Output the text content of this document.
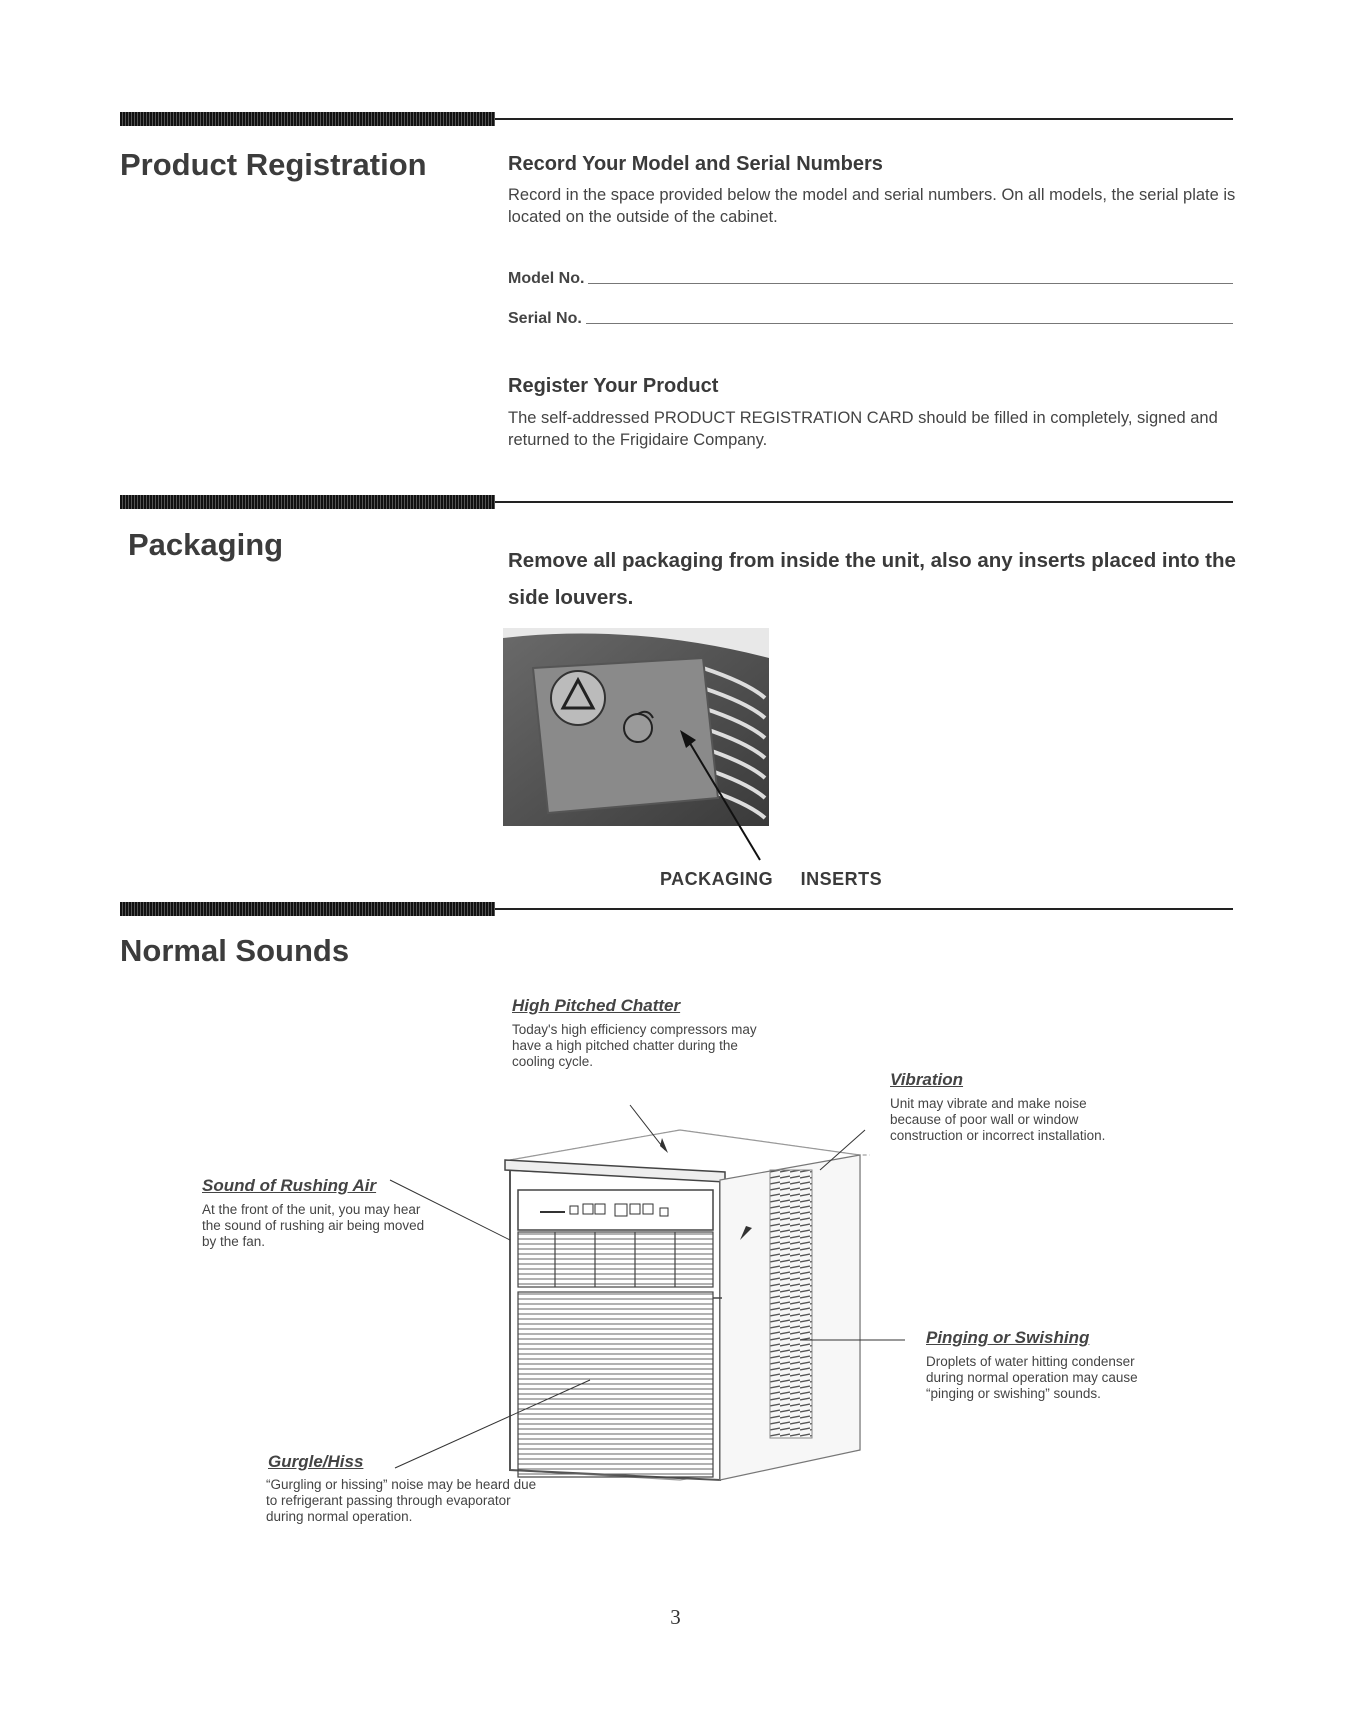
Product Registration	Record Your Model and Serial Numbers

Record in the space provided below the model and serial numbers. On all models, the serial plate is located on the outside of the cabinet.

Model No.
Serial No.
Register Your Product

The self-addressed PRODUCT REGISTRATION CARD should be filled in completely, signed and returned to the Frigidaire Company.

Packaging	Remove all packaging from inside the unit, also any inserts placed into the side louvers.

PACKAGING     INSERTS
Normal Sounds
High Pitched Chatter

Today's high efficiency compressors may have a high pitched chatter during the cooling cycle.

Vibration

Unit may vibrate and make noise because of poor wall or window construction or incorrect installation.

Sound of Rushing Air

At the front of the unit, you may hear the sound of rushing air being moved by the fan.

Pinging or Swishing

Droplets of water hitting condenser during normal operation may cause “pinging or swishing” sounds.

Gurgle/Hiss

“Gurgling or hissing” noise may be heard due to refrigerant passing through evaporator during normal operation.

3
